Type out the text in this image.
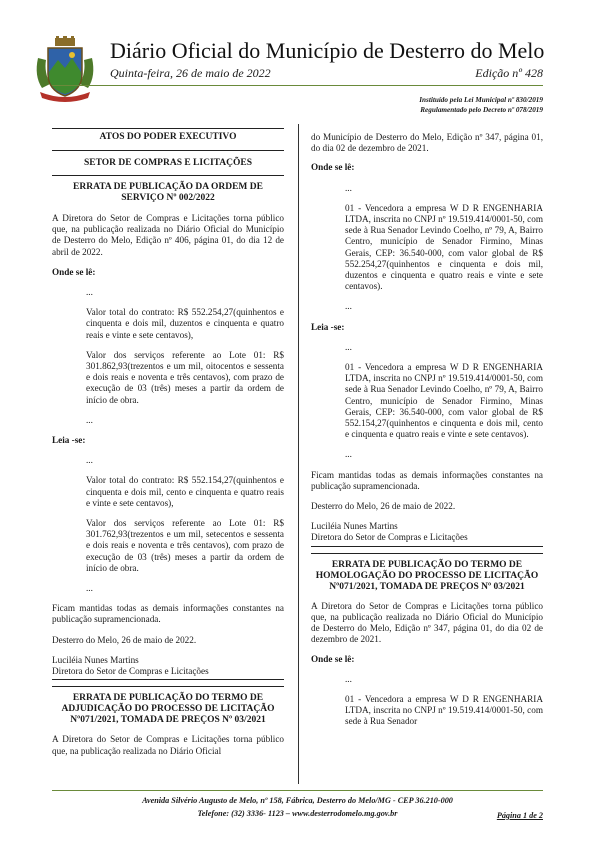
Diário Oficial do Município de Desterro do Melo
Quinta-feira, 26 de maio de 2022	Edição nº 428
Instituído pela Lei Municipal nº 830/2019
Regulamentado pelo Decreto nº 078/2019

ATOS DO PODER EXECUTIVO

SETOR DE COMPRAS E LICITAÇÕES

ERRATA DE PUBLICAÇÃO DA ORDEM DE SERVIÇO Nº 002/2022

A Diretora do Setor de Compras e Licitações torna público que, na publicação realizada no Diário Oficial do Município de Desterro do Melo, Edição nº 406, página 01, do dia 12 de abril de 2022.

Onde se lê:

...

Valor total do contrato: R$ 552.254,27(quinhentos e cinquenta e dois mil, duzentos e cinquenta e quatro reais e vinte e sete centavos),

Valor dos serviços referente ao Lote 01: R$ 301.862,93(trezentos e um mil, oitocentos e sessenta e dois reais e noventa e três centavos), com prazo de execução de 03 (três) meses a partir da ordem de início de obra.

...

Leia -se:

...

Valor total do contrato: R$ 552.154,27(quinhentos e cinquenta e dois mil, cento e cinquenta e quatro reais e vinte e sete centavos),

Valor dos serviços referente ao Lote 01: R$ 301.762,93(trezentos e um mil, setecentos e sessenta e dois reais e noventa e três centavos), com prazo de execução de 03 (três) meses a partir da ordem de início de obra.

...

Ficam mantidas todas as demais informações constantes na publicação supramencionada.

Desterro do Melo, 26 de maio de 2022.

Luciléia Nunes Martins

Diretora do Setor de Compras e Licitações

ERRATA DE PUBLICAÇÃO DO TERMO DE ADJUDICAÇÃO DO PROCESSO DE LICITAÇÃO Nº071/2021, TOMADA DE PREÇOS Nº 03/2021

A Diretora do Setor de Compras e Licitações torna público que, na publicação realizada no Diário Oficial

do Município de Desterro do Melo, Edição nº 347, página 01, do dia 02 de dezembro de 2021.

Onde se lê:

...

01 - Vencedora a empresa W D R ENGENHARIA LTDA, inscrita no CNPJ nº 19.519.414/0001-50, com sede à Rua Senador Levindo Coelho, nº 79, A, Bairro Centro, município de Senador Firmino, Minas Gerais, CEP: 36.540-000, com valor global de R$ 552.254,27(quinhentos e cinquenta e dois mil, duzentos e cinquenta e quatro reais e vinte e sete centavos).

...

Leia -se:

...

01 - Vencedora a empresa W D R ENGENHARIA LTDA, inscrita no CNPJ nº 19.519.414/0001-50, com sede à Rua Senador Levindo Coelho, nº 79, A, Bairro Centro, município de Senador Firmino, Minas Gerais, CEP: 36.540-000, com valor global de R$ 552.154,27(quinhentos e cinquenta e dois mil, cento e cinquenta e quatro reais e vinte e sete centavos).

...

Ficam mantidas todas as demais informações constantes na publicação supramencionada.

Desterro do Melo, 26 de maio de 2022.

Luciléia Nunes Martins

Diretora do Setor de Compras e Licitações

ERRATA DE PUBLICAÇÃO DO TERMO DE HOMOLOGAÇÃO DO PROCESSO DE LICITAÇÃO Nº071/2021, TOMADA DE PREÇOS Nº 03/2021

A Diretora do Setor de Compras e Licitações torna público que, na publicação realizada no Diário Oficial do Município de Desterro do Melo, Edição nº 347, página 01, do dia 02 de dezembro de 2021.

Onde se lê:

...

01 - Vencedora a empresa W D R ENGENHARIA LTDA, inscrita no CNPJ nº 19.519.414/0001-50, com sede à Rua Senador

Avenida Silvério Augusto de Melo, nº 158, Fábrica, Desterro do Melo/MG - CEP 36.210-000
Telefone: (32) 3336- 1123 – www.desterrodomelo.mg.gov.br	Página 1 de 2
